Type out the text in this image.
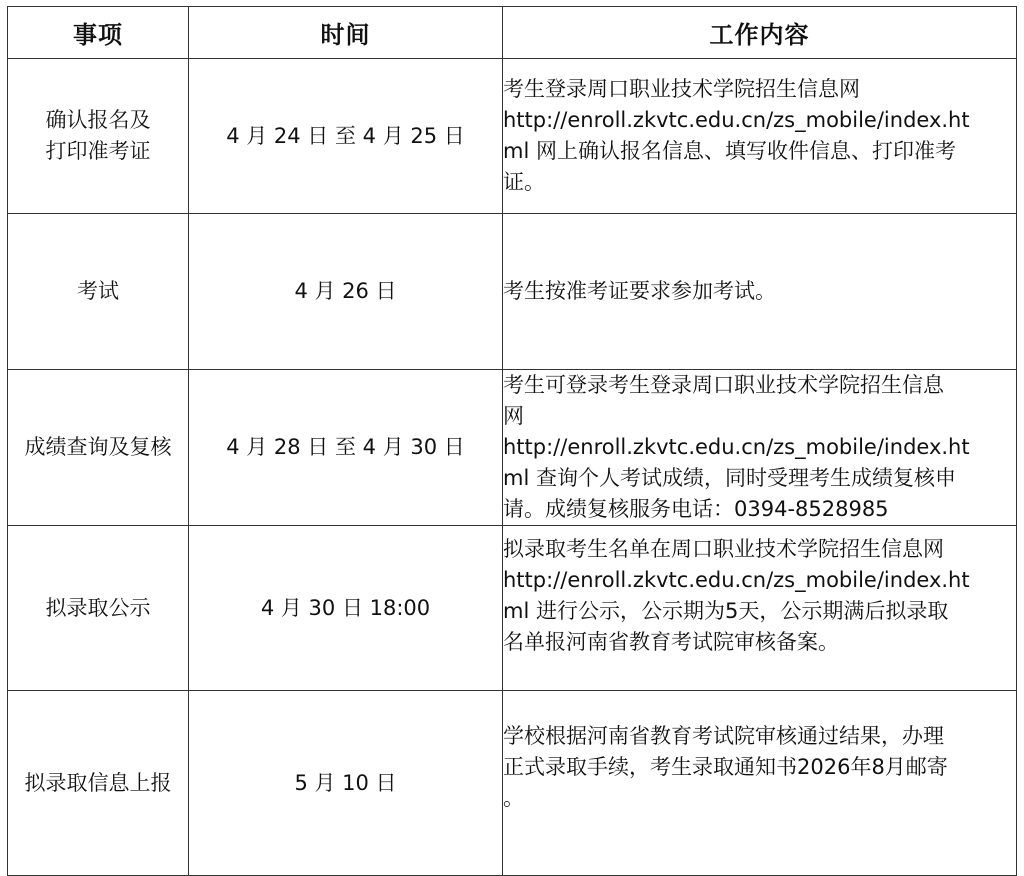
事项	时间	工作内容
确认报名及
打印准考证	4 月 24 日 至 4 月 25 日	考生登录周口职业技术学院招生信息网
http://enroll.zkvtc.edu.cn/zs_mobile/index.ht
ml 网上确认报名信息、填写收件信息、打印准考
证。
考试	4 月 26 日	考生按准考证要求参加考试。
成绩查询及复核	4 月 28 日 至 4 月 30 日	考生可登录考生登录周口职业技术学院招生信息
网
http://enroll.zkvtc.edu.cn/zs_mobile/index.ht
ml 查询个人考试成绩，同时受理考生成绩复核申
请。成绩复核服务电话：0394-8528985
拟录取公示	4 月 30 日 18:00	拟录取考生名单在周口职业技术学院招生信息网
http://enroll.zkvtc.edu.cn/zs_mobile/index.ht
ml 进行公示，公示期为5天，公示期满后拟录取
名单报河南省教育考试院审核备案。
拟录取信息上报	5 月 10 日	学校根据河南省教育考试院审核通过结果，办理
正式录取手续，考生录取通知书2026年8月邮寄
。
